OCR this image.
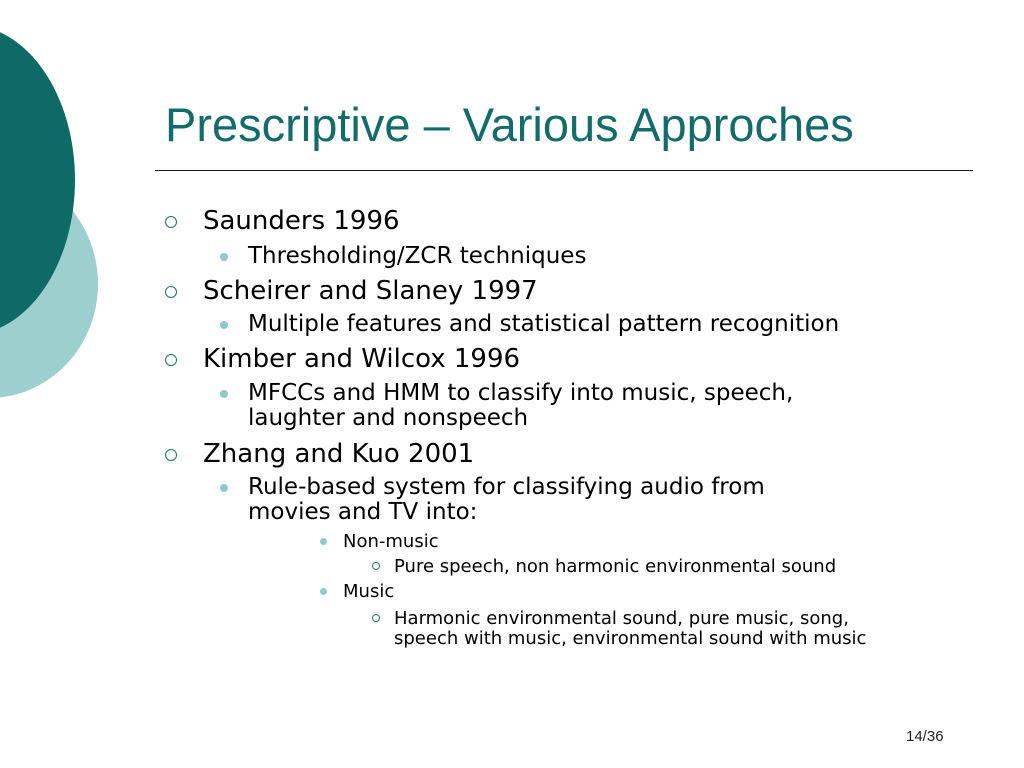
Prescriptive – Various Approches
Saunders 1996
Thresholding/ZCR techniques
Scheirer and Slaney 1997
Multiple features and statistical pattern recognition
Kimber and Wilcox 1996
MFCCs and HMM to classify into music, speech,
laughter and nonspeech
Zhang and Kuo 2001
Rule-based system for classifying audio from
movies and TV into:
Non-music
Pure speech, non harmonic environmental sound
Music
Harmonic environmental sound, pure music, song,
speech with music, environmental sound with music
14/36
